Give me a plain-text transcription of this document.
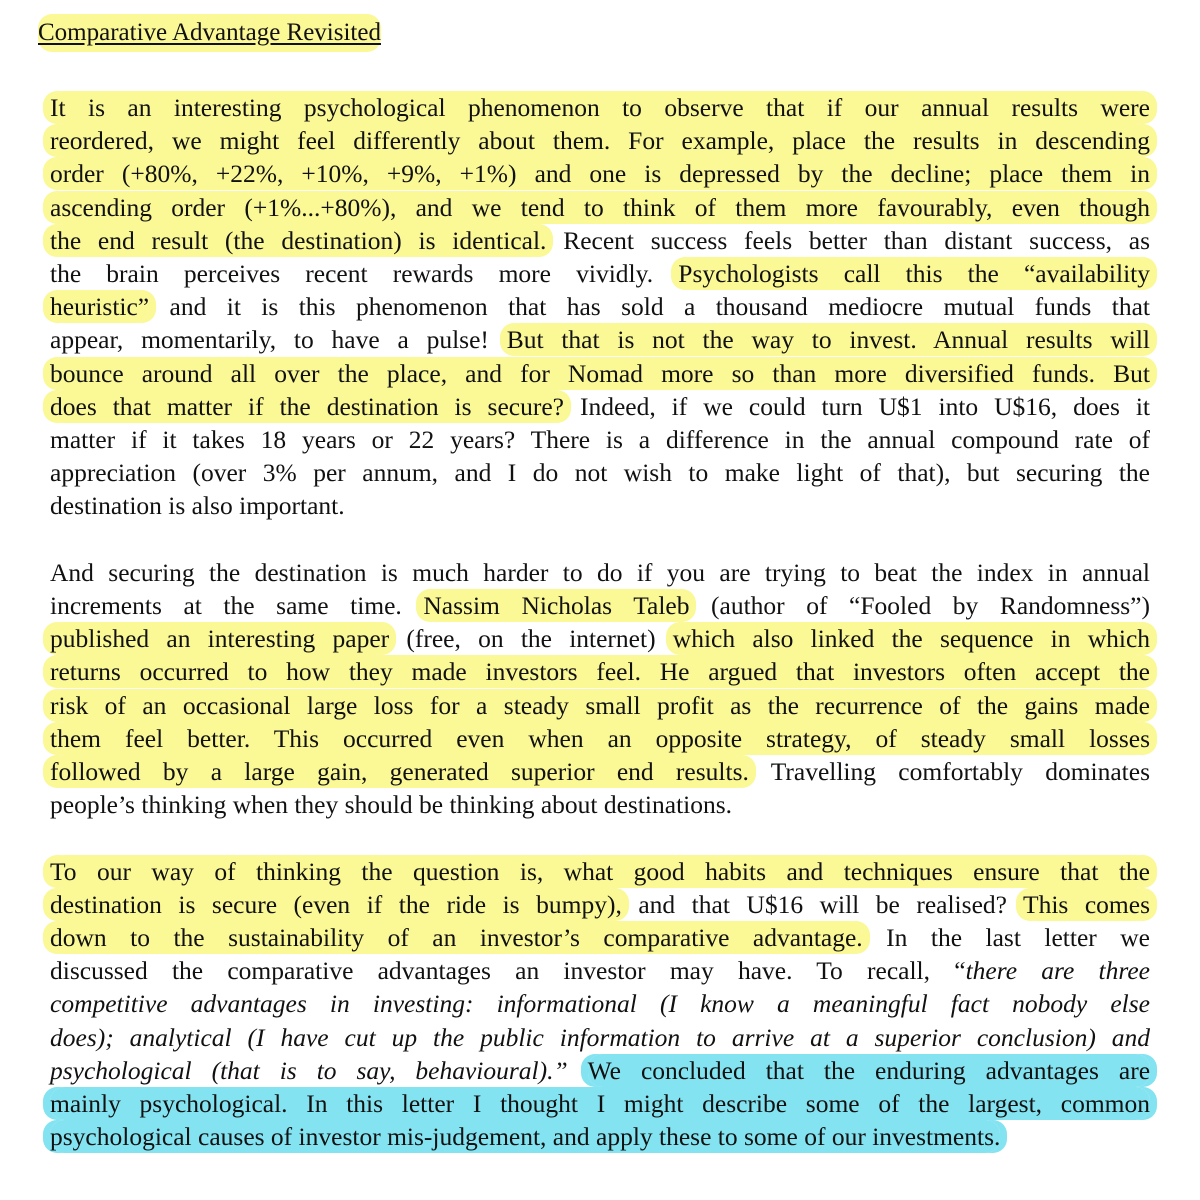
Comparative Advantage Revisited
It is an interesting psychological phenomenon to observe that if our annual results were
reordered, we might feel differently about them. For example, place the results in descending
order (+80%, +22%, +10%, +9%, +1%) and one is depressed by the decline; place them in
ascending order (+1%...+80%), and we tend to think of them more favourably, even though
the end result (the destination) is identical. Recent success feels better than distant success, as
the brain perceives recent rewards more vividly. Psychologists call this the “availability
heuristic” and it is this phenomenon that has sold a thousand mediocre mutual funds that
appear, momentarily, to have a pulse! But that is not the way to invest. Annual results will
bounce around all over the place, and for Nomad more so than more diversified funds. But
does that matter if the destination is secure? Indeed, if we could turn U$1 into U$16, does it
matter if it takes 18 years or 22 years? There is a difference in the annual compound rate of
appreciation (over 3% per annum, and I do not wish to make light of that), but securing the
destination is also important.
And securing the destination is much harder to do if you are trying to beat the index in annual
increments at the same time. Nassim Nicholas Taleb (author of “Fooled by Randomness”)
published an interesting paper (free, on the internet) which also linked the sequence in which
returns occurred to how they made investors feel. He argued that investors often accept the
risk of an occasional large loss for a steady small profit as the recurrence of the gains made
them feel better. This occurred even when an opposite strategy, of steady small losses
followed by a large gain, generated superior end results. Travelling comfortably dominates
people’s thinking when they should be thinking about destinations.
To our way of thinking the question is, what good habits and techniques ensure that the
destination is secure (even if the ride is bumpy), and that U$16 will be realised? This comes
down to the sustainability of an investor’s comparative advantage. In the last letter we
discussed the comparative advantages an investor may have. To recall, “there are three
competitive advantages in investing: informational (I know a meaningful fact nobody else
does); analytical (I have cut up the public information to arrive at a superior conclusion) and
psychological (that is to say, behavioural).” We concluded that the enduring advantages are
mainly psychological. In this letter I thought I might describe some of the largest, common
psychological causes of investor mis-judgement, and apply these to some of our investments.
